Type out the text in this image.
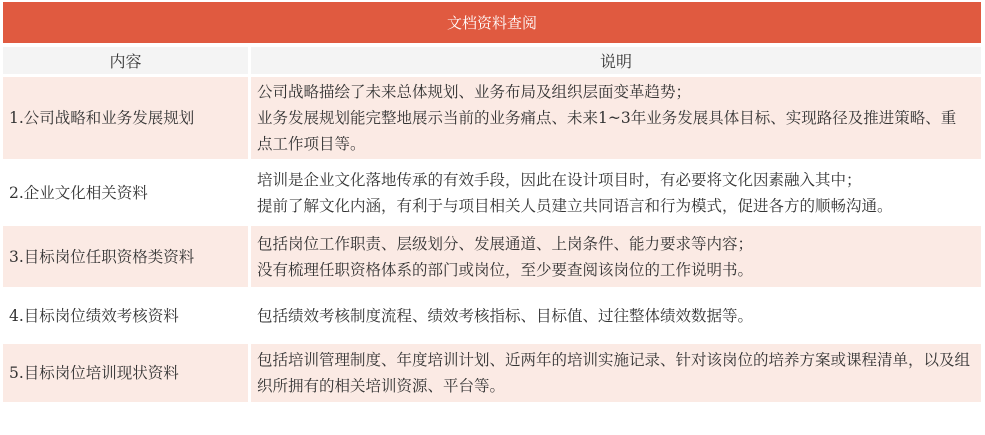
文档资料查阅	
内容	说明
1.公司战略和业务发展规划	公司战略描绘了未来总体规划、业务布局及组织层面变革趋势；
业务发展规划能完整地展示当前的业务痛点、未来1~3年业务发展具体目标、实现路径及推进策略、重点工作项目等。

2.企业文化相关资料	培训是企业文化落地传承的有效手段，因此在设计项目时，有必要将文化因素融入其中；
提前了解文化内涵，有利于与项目相关人员建立共同语言和行为模式，促进各方的顺畅沟通。

3.目标岗位任职资格类资料	包括岗位工作职责、层级划分、发展通道、上岗条件、能力要求等内容；
没有梳理任职资格体系的部门或岗位，至少要查阅该岗位的工作说明书。

4.目标岗位绩效考核资料	包括绩效考核制度流程、绩效考核指标、目标值、过往整体绩效数据等。

5.目标岗位培训现状资料	包括培训管理制度、年度培训计划、近两年的培训实施记录、针对该岗位的培养方案或课程清单，以及组织所拥有的相关培训资源、平台等。
